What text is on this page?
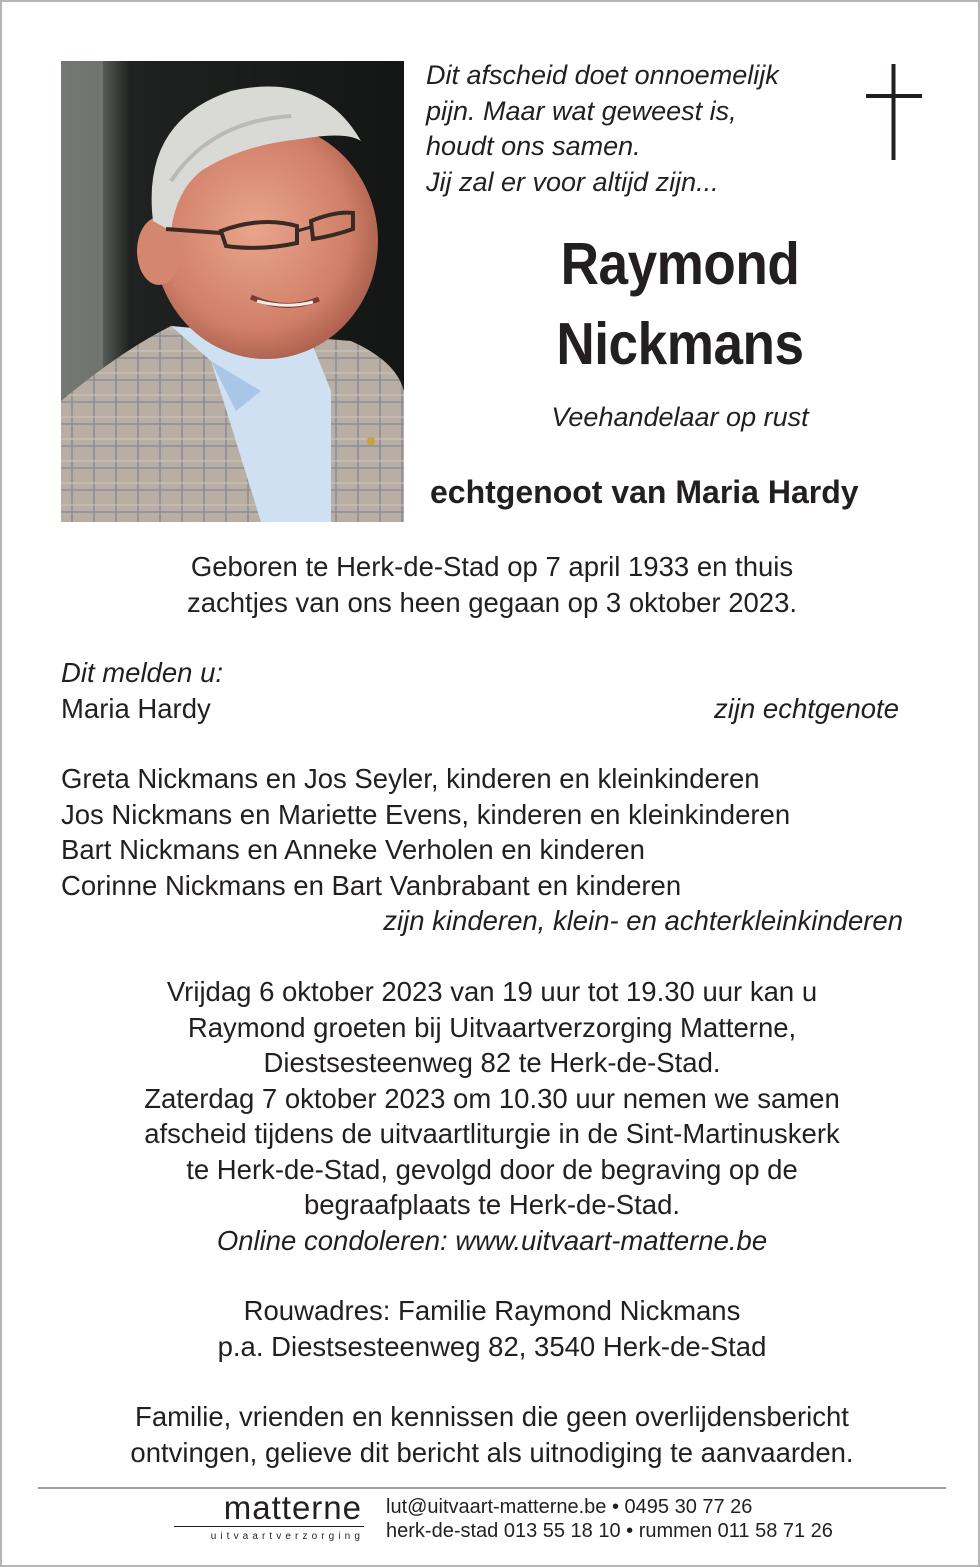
Dit afscheid doet onnoemelijk
pijn. Maar wat geweest is,
houdt ons samen.
Jij zal er voor altijd zijn...
Raymond
Nickmans
Veehandelaar op rust
echtgenoot van Maria Hardy
Geboren te Herk-de-Stad op 7 april 1933 en thuis
zachtjes van ons heen gegaan op 3 oktober 2023.
Dit melden u:
Maria Hardy	zijn echtgenote
Greta Nickmans en Jos Seyler, kinderen en kleinkinderen
Jos Nickmans en Mariette Evens, kinderen en kleinkinderen
Bart Nickmans en Anneke Verholen en kinderen
Corinne Nickmans en Bart Vanbrabant en kinderen
zijn kinderen, klein- en achterkleinkinderen
Vrijdag 6 oktober 2023 van 19 uur tot 19.30 uur kan u
Raymond groeten bij Uitvaartverzorging Matterne,
Diestsesteenweg 82 te Herk-de-Stad.
Zaterdag 7 oktober 2023 om 10.30 uur nemen we samen
afscheid tijdens de uitvaartliturgie in de Sint-Martinuskerk
te Herk-de-Stad, gevolgd door de begraving op de
begraafplaats te Herk-de-Stad.
Online condoleren: www.uitvaart-matterne.be
Rouwadres: Familie Raymond Nickmans
p.a. Diestsesteenweg 82, 3540 Herk-de-Stad
Familie, vrienden en kennissen die geen overlijdensbericht
ontvingen, gelieve dit bericht als uitnodiging te aanvaarden.
matterne
uitvaartverzorging
lut@uitvaart-matterne.be • 0495 30 77 26
herk-de-stad 013 55 18 10 • rummen 011 58 71 26
